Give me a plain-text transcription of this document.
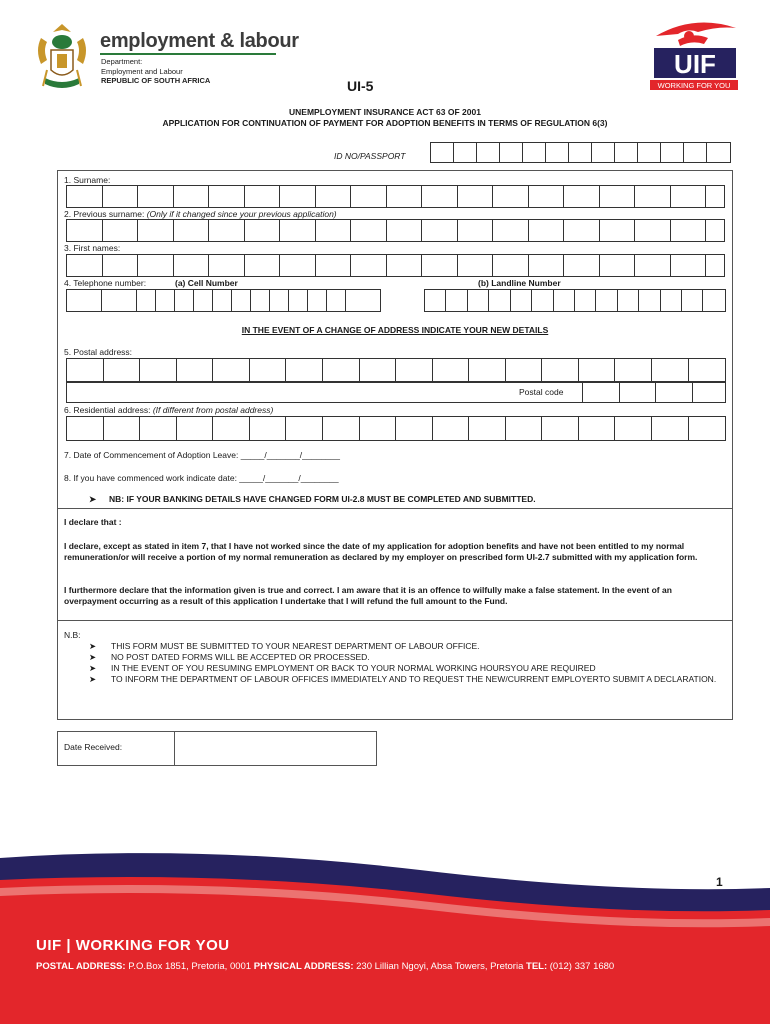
employment & labour
Department:
Employment and Labour
REPUBLIC OF SOUTH AFRICA
UIF
WORKING FOR YOU
UI-5
UNEMPLOYMENT INSURANCE ACT 63 OF 2001
APPLICATION FOR CONTINUATION OF PAYMENT FOR ADOPTION BENEFITS IN TERMS OF REGULATION 6(3)
ID NO/PASSPORT
1. Surname:
2. Previous surname: (Only if it changed since your previous application)
3. First names:
4. Telephone number:	(a) Cell Number	(b) Landline Number
IN THE EVENT OF A CHANGE OF ADDRESS INDICATE YOUR NEW DETAILS
5. Postal address:
Postal code
6. Residential address: (If different from postal address)
7. Date of Commencement of Adoption Leave: _____/_______/________
8. If you have commenced work indicate date: _____/_______/________
➤ NB: IF YOUR BANKING DETAILS HAVE CHANGED FORM UI-2.8 MUST BE COMPLETED AND SUBMITTED.
I declare that :
I declare, except as stated in item 7, that I have not worked since the date of my application for adoption benefits and have not been entitled to my normal remuneration/or will receive a portion of my normal remuneration as declared by my employer on prescribed form UI-2.7 submitted with my application form.
I furthermore declare that the information given is true and correct. I am aware that it is an offence to wilfully make a false statement. In the event of an overpayment occurring as a result of this application I undertake that I will refund the full amount to the Fund.
N.B:
➤	THIS FORM MUST BE SUBMITTED TO YOUR NEAREST DEPARTMENT OF LABOUR OFFICE.
➤	NO POST DATED FORMS WILL BE ACCEPTED OR PROCESSED.
➤	IN THE EVENT OF YOU RESUMING EMPLOYMENT OR BACK TO YOUR NORMAL WORKING HOURSYOU ARE REQUIRED
➤	TO INFORM THE DEPARTMENT OF LABOUR OFFICES IMMEDIATELY AND TO REQUEST THE NEW/CURRENT EMPLOYERTO SUBMIT A DECLARATION.
Date Received:
1
UIF | WORKING FOR YOU
POSTAL ADDRESS: P.O.Box 1851, Pretoria, 0001 PHYSICAL ADDRESS: 230 Lillian Ngoyi, Absa Towers, Pretoria TEL: (012) 337 1680
